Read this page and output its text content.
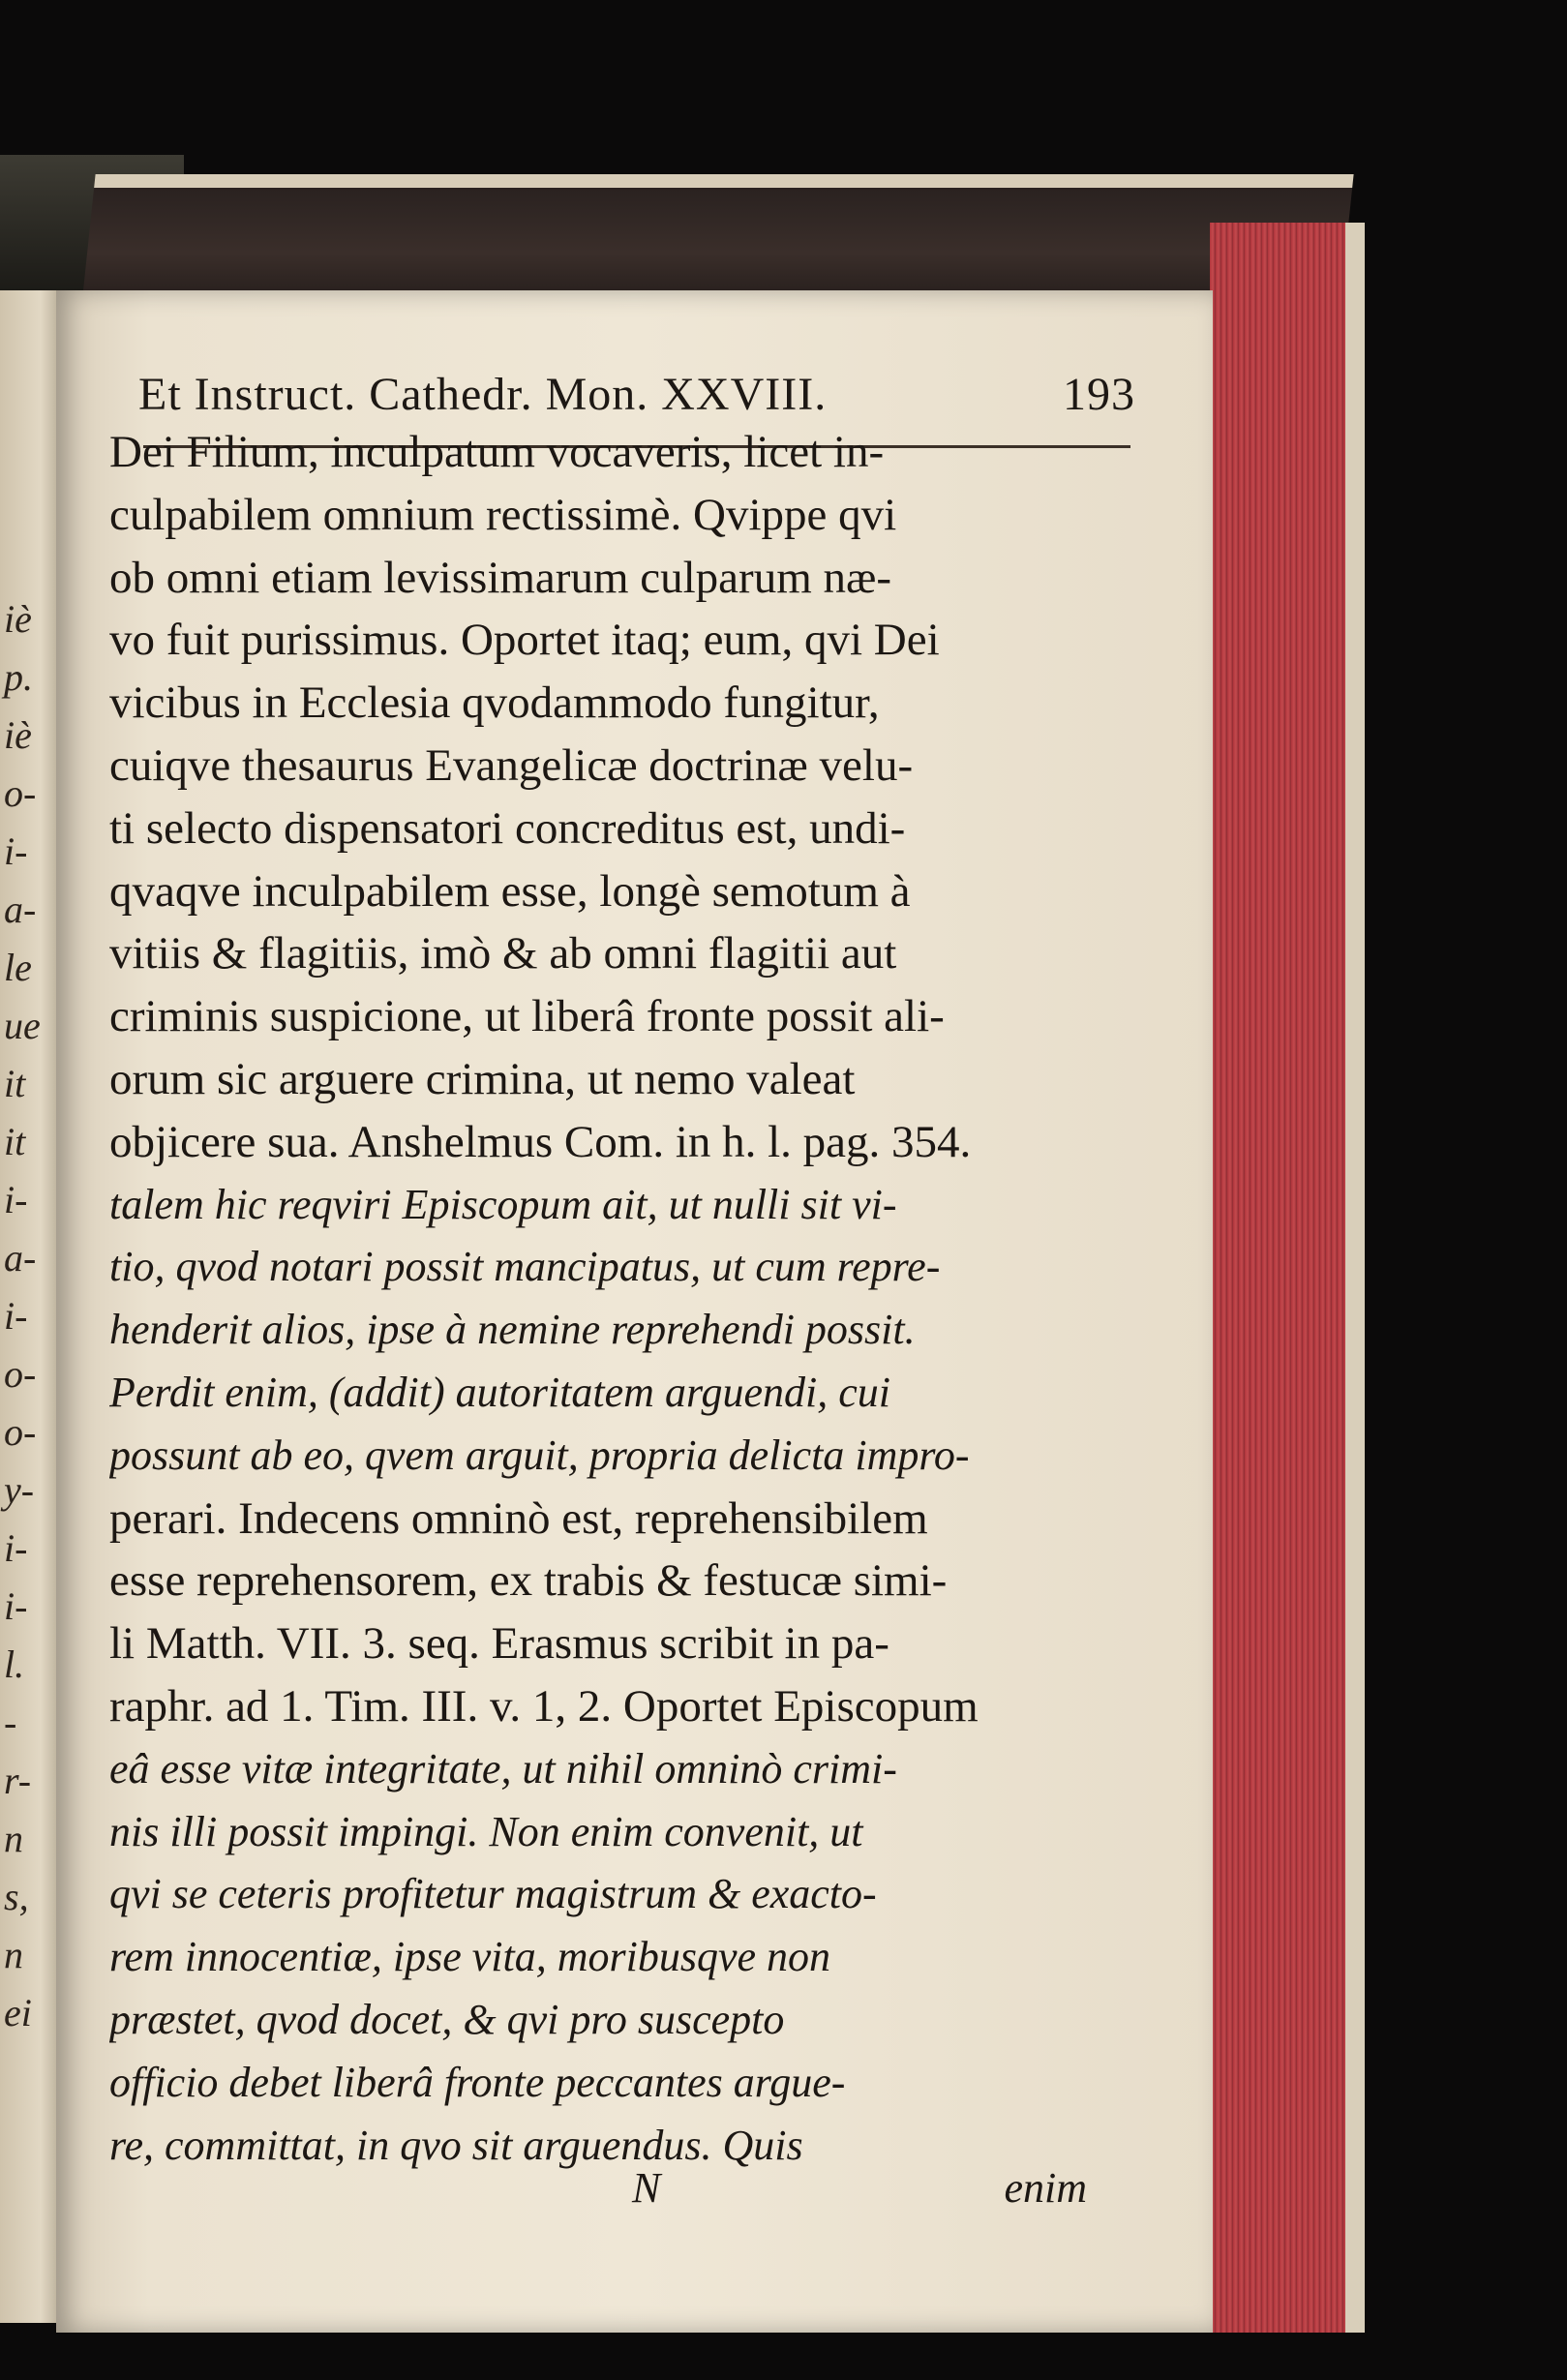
iè
p.
iè
o-
i-
a-
le
ue
it
it
i-
a-
i-
o-
o-
y-
i-
i-
l.
-
r-
n
s,
n
ei
Et Instruct. Cathedr. Mon. XXVIII.	193
Dei Filium, inculpatum vocaveris, licet in-
culpabilem omnium rectissimè. Qvippe qvi
ob omni etiam levissimarum culparum næ-
vo fuit purissimus. Oportet itaq; eum, qvi Dei
vicibus in Ecclesia qvodammodo fungitur,
cuiqve thesaurus Evangelicæ doctrinæ velu-
ti selecto dispensatori concreditus est, undi-
qvaqve inculpabilem esse, longè semotum à
vitiis & flagitiis, imò & ab omni flagitii aut
criminis suspicione, ut liberâ fronte possit ali-
orum sic arguere crimina, ut nemo valeat
objicere sua. Anshelmus Com. in h. l. pag. 354.
talem hic reqviri Episcopum ait, ut nulli sit vi-
tio, qvod notari possit mancipatus, ut cum repre-
henderit alios, ipse à nemine reprehendi possit.
Perdit enim, (addit) autoritatem arguendi, cui
possunt ab eo, qvem arguit, propria delicta impro-
perari. Indecens omninò est, reprehensibilem
esse reprehensorem, ex trabis & festucæ simi-
li Matth. VII. 3. seq. Erasmus scribit in pa-
raphr. ad 1. Tim. III. v. 1, 2. Oportet Episcopum
eâ esse vitæ integritate, ut nihil omninò crimi-
nis illi possit impingi. Non enim convenit, ut
qvi se ceteris profitetur magistrum & exacto-
rem innocentiæ, ipse vita, moribusqve non
præstet, qvod docet, & qvi pro suscepto
officio debet liberâ fronte peccantes argue-
re, committat, in qvo sit arguendus. Quis
N	enim
